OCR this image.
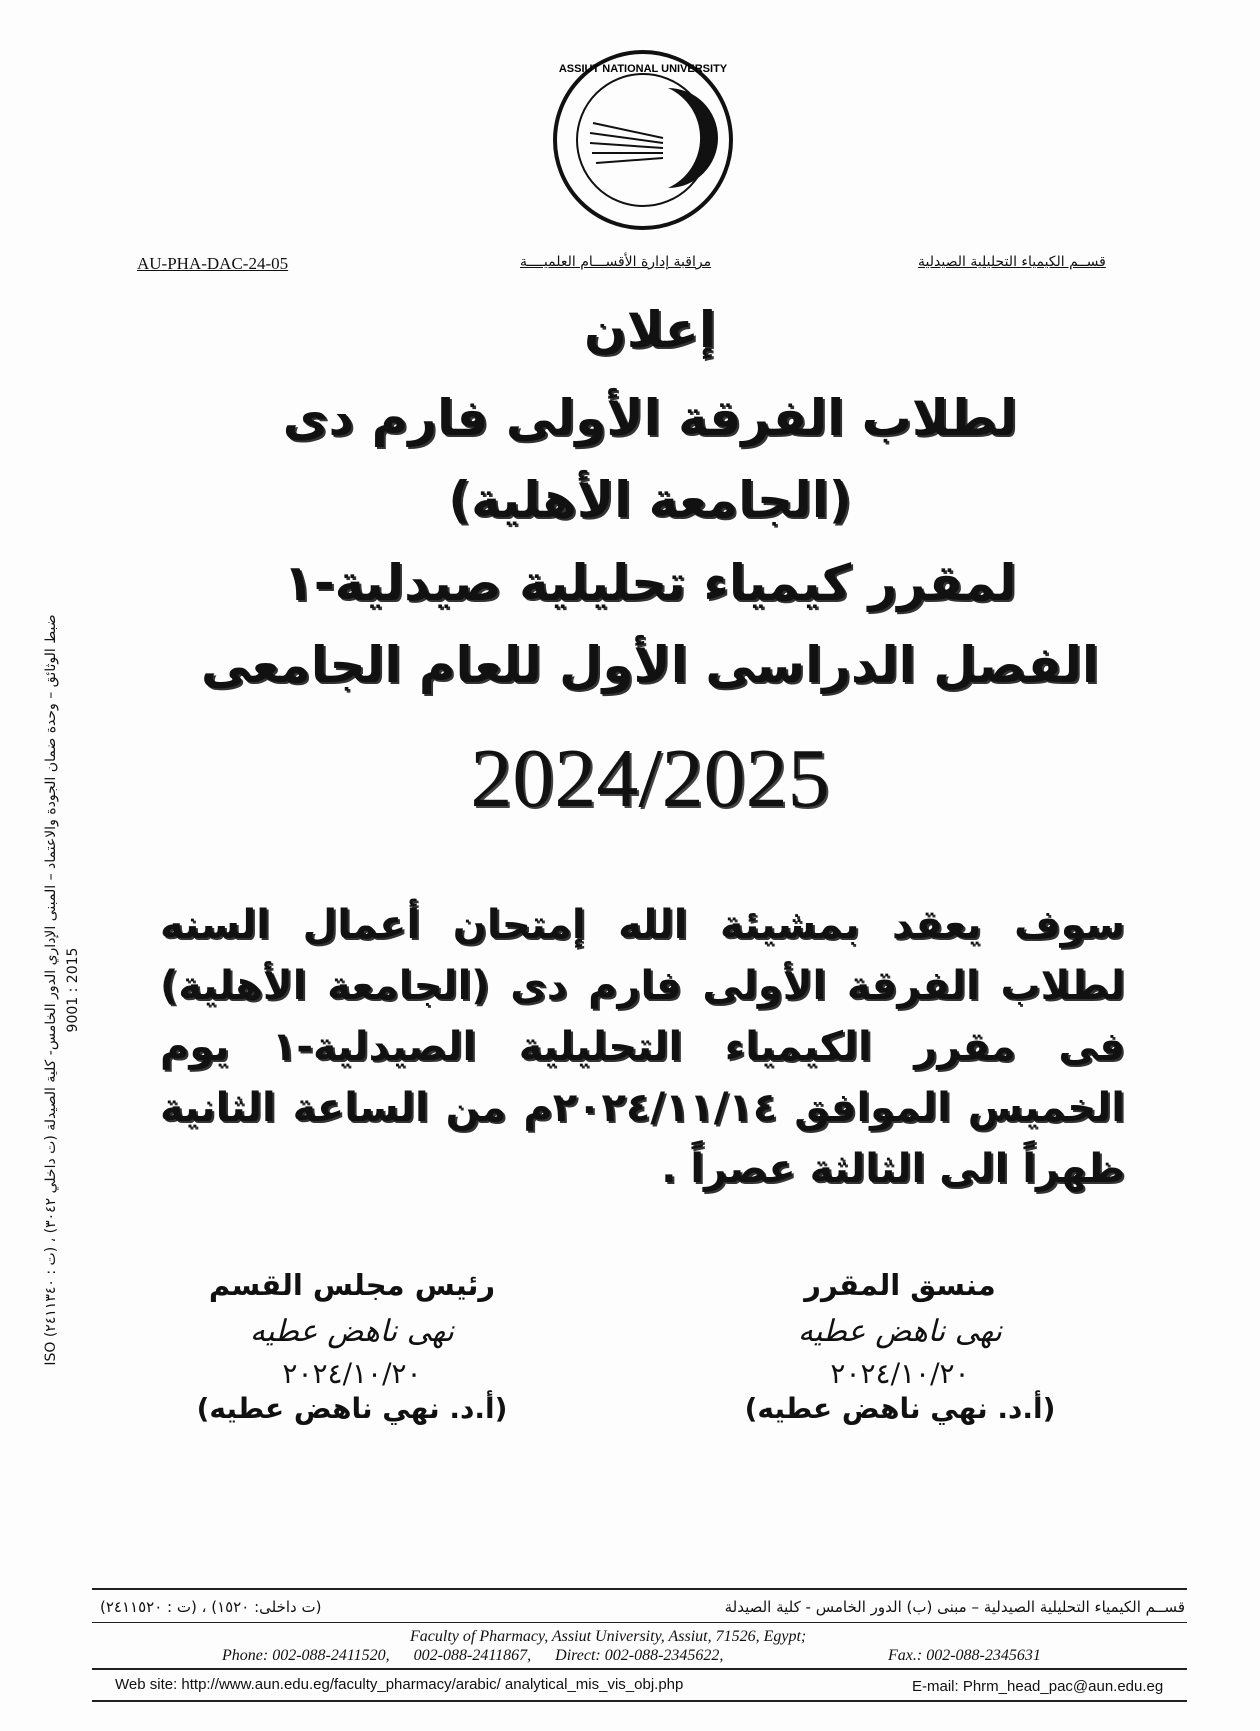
ASSIUT NATIONAL UNIVERSITY
AU-PHA-DAC-24-05	مراقبة إدارة الأقســـام العلميــــة	قســم الكيمياء التحليلية الصيدلية
إعلان
لطلاب الفرقة الأولى فارم دى
(الجامعة الأهلية)
لمقرر كيمياء تحليلية صيدلية-١
الفصل الدراسى الأول للعام الجامعى
2024/2025
سوف يعقد بمشيئة الله إمتحان أعمال السنه لطلاب الفرقة الأولى فارم دى (الجامعة الأهلية) فى مقرر الكيمياء التحليلية الصيدلية-١ يوم الخميس الموافق ٢٠٢٤/١١/١٤م من الساعة الثانية ظهراً الى الثالثة عصراً .
منسق المقرر
نهى ناهض عطيه
٢٠٢٤/١٠/٢٠
(أ.د. نهي ناهض عطيه)
رئيس مجلس القسم
نهى ناهض عطيه
٢٠٢٤/١٠/٢٠
(أ.د. نهي ناهض عطيه)
ضبط الوثائق – وحدة ضمان الجودة والاعتماد – المبنى الإداري الدور الخامس- كلية الصيدلة (ت داخلي ٣٠٤٢) ، (ت : ٢٤١١٣٤٠) ISO 9001 : 2015
قســم الكيمياء التحليلية الصيدلية – مبنى (ب) الدور الخامس - كلية الصيدلة
(ت داخلى: ١٥٢٠) ، (ت : ٢٤١١٥٢٠)
Faculty of Pharmacy, Assiut University, Assiut, 71526, Egypt;
Phone: 002-088-2411520,      002-088-2411867,      Direct: 002-088-2345622,	Fax.: 002-088-2345631
Web site: http://www.aun.edu.eg/faculty_pharmacy/arabic/ analytical_mis_vis_obj.php	E-mail: Phrm_head_pac@aun.edu.eg
